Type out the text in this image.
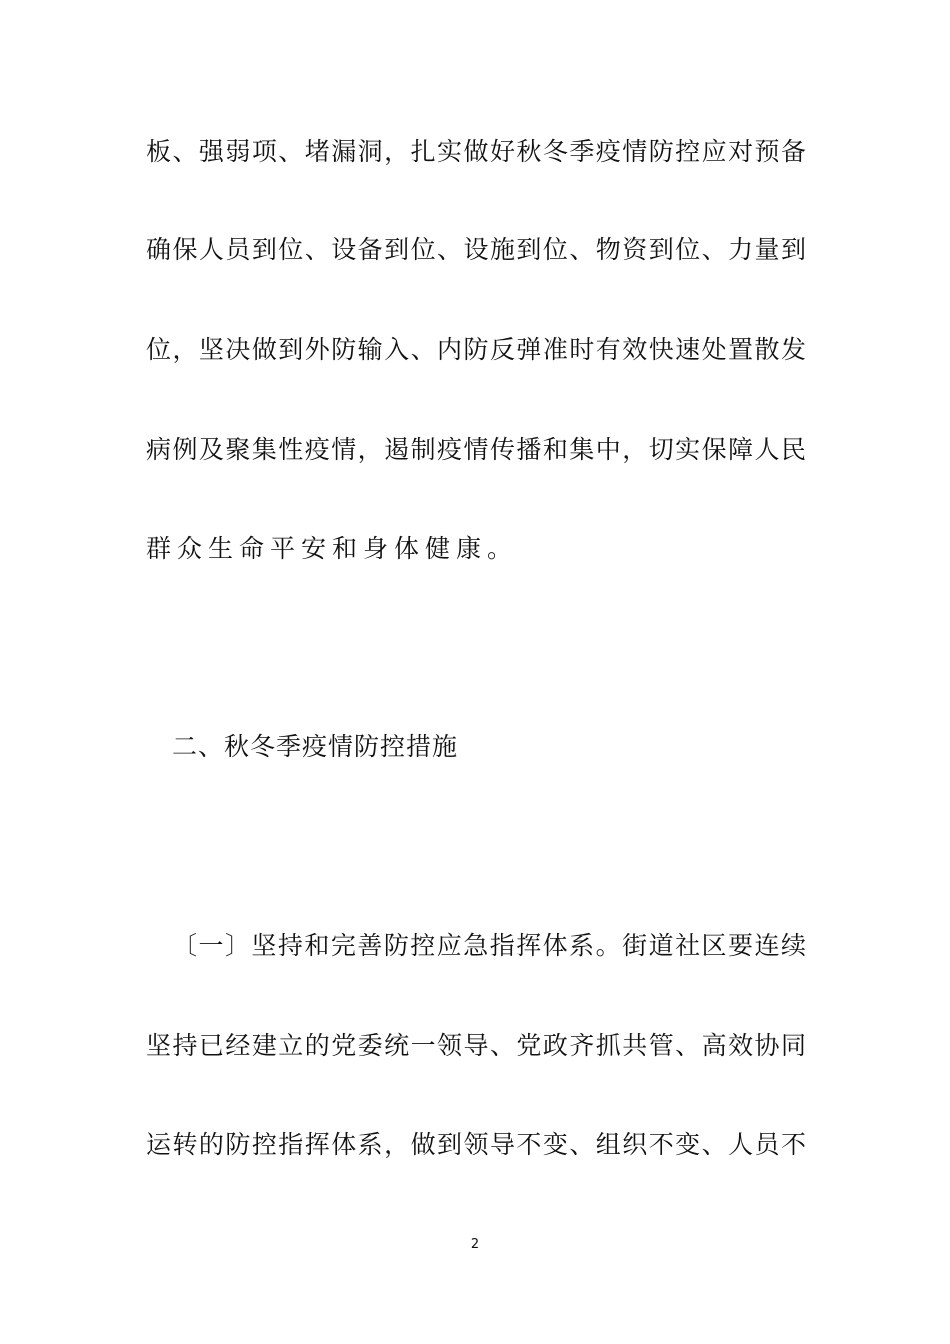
板、强弱项、堵漏洞，扎实做好秋冬季疫情防控应对预备
确保人员到位、设备到位、设施到位、物资到位、力量到
位，坚决做到外防输入、内防反弹准时有效快速处置散发
病例及聚集性疫情，遏制疫情传播和集中，切实保障人民
群众生命平安和身体健康。
二、秋冬季疫情防控措施
〔一〕坚持和完善防控应急指挥体系。街道社区要连续
坚持已经建立的党委统一领导、党政齐抓共管、高效协同
运转的防控指挥体系，做到领导不变、组织不变、人员不
2
